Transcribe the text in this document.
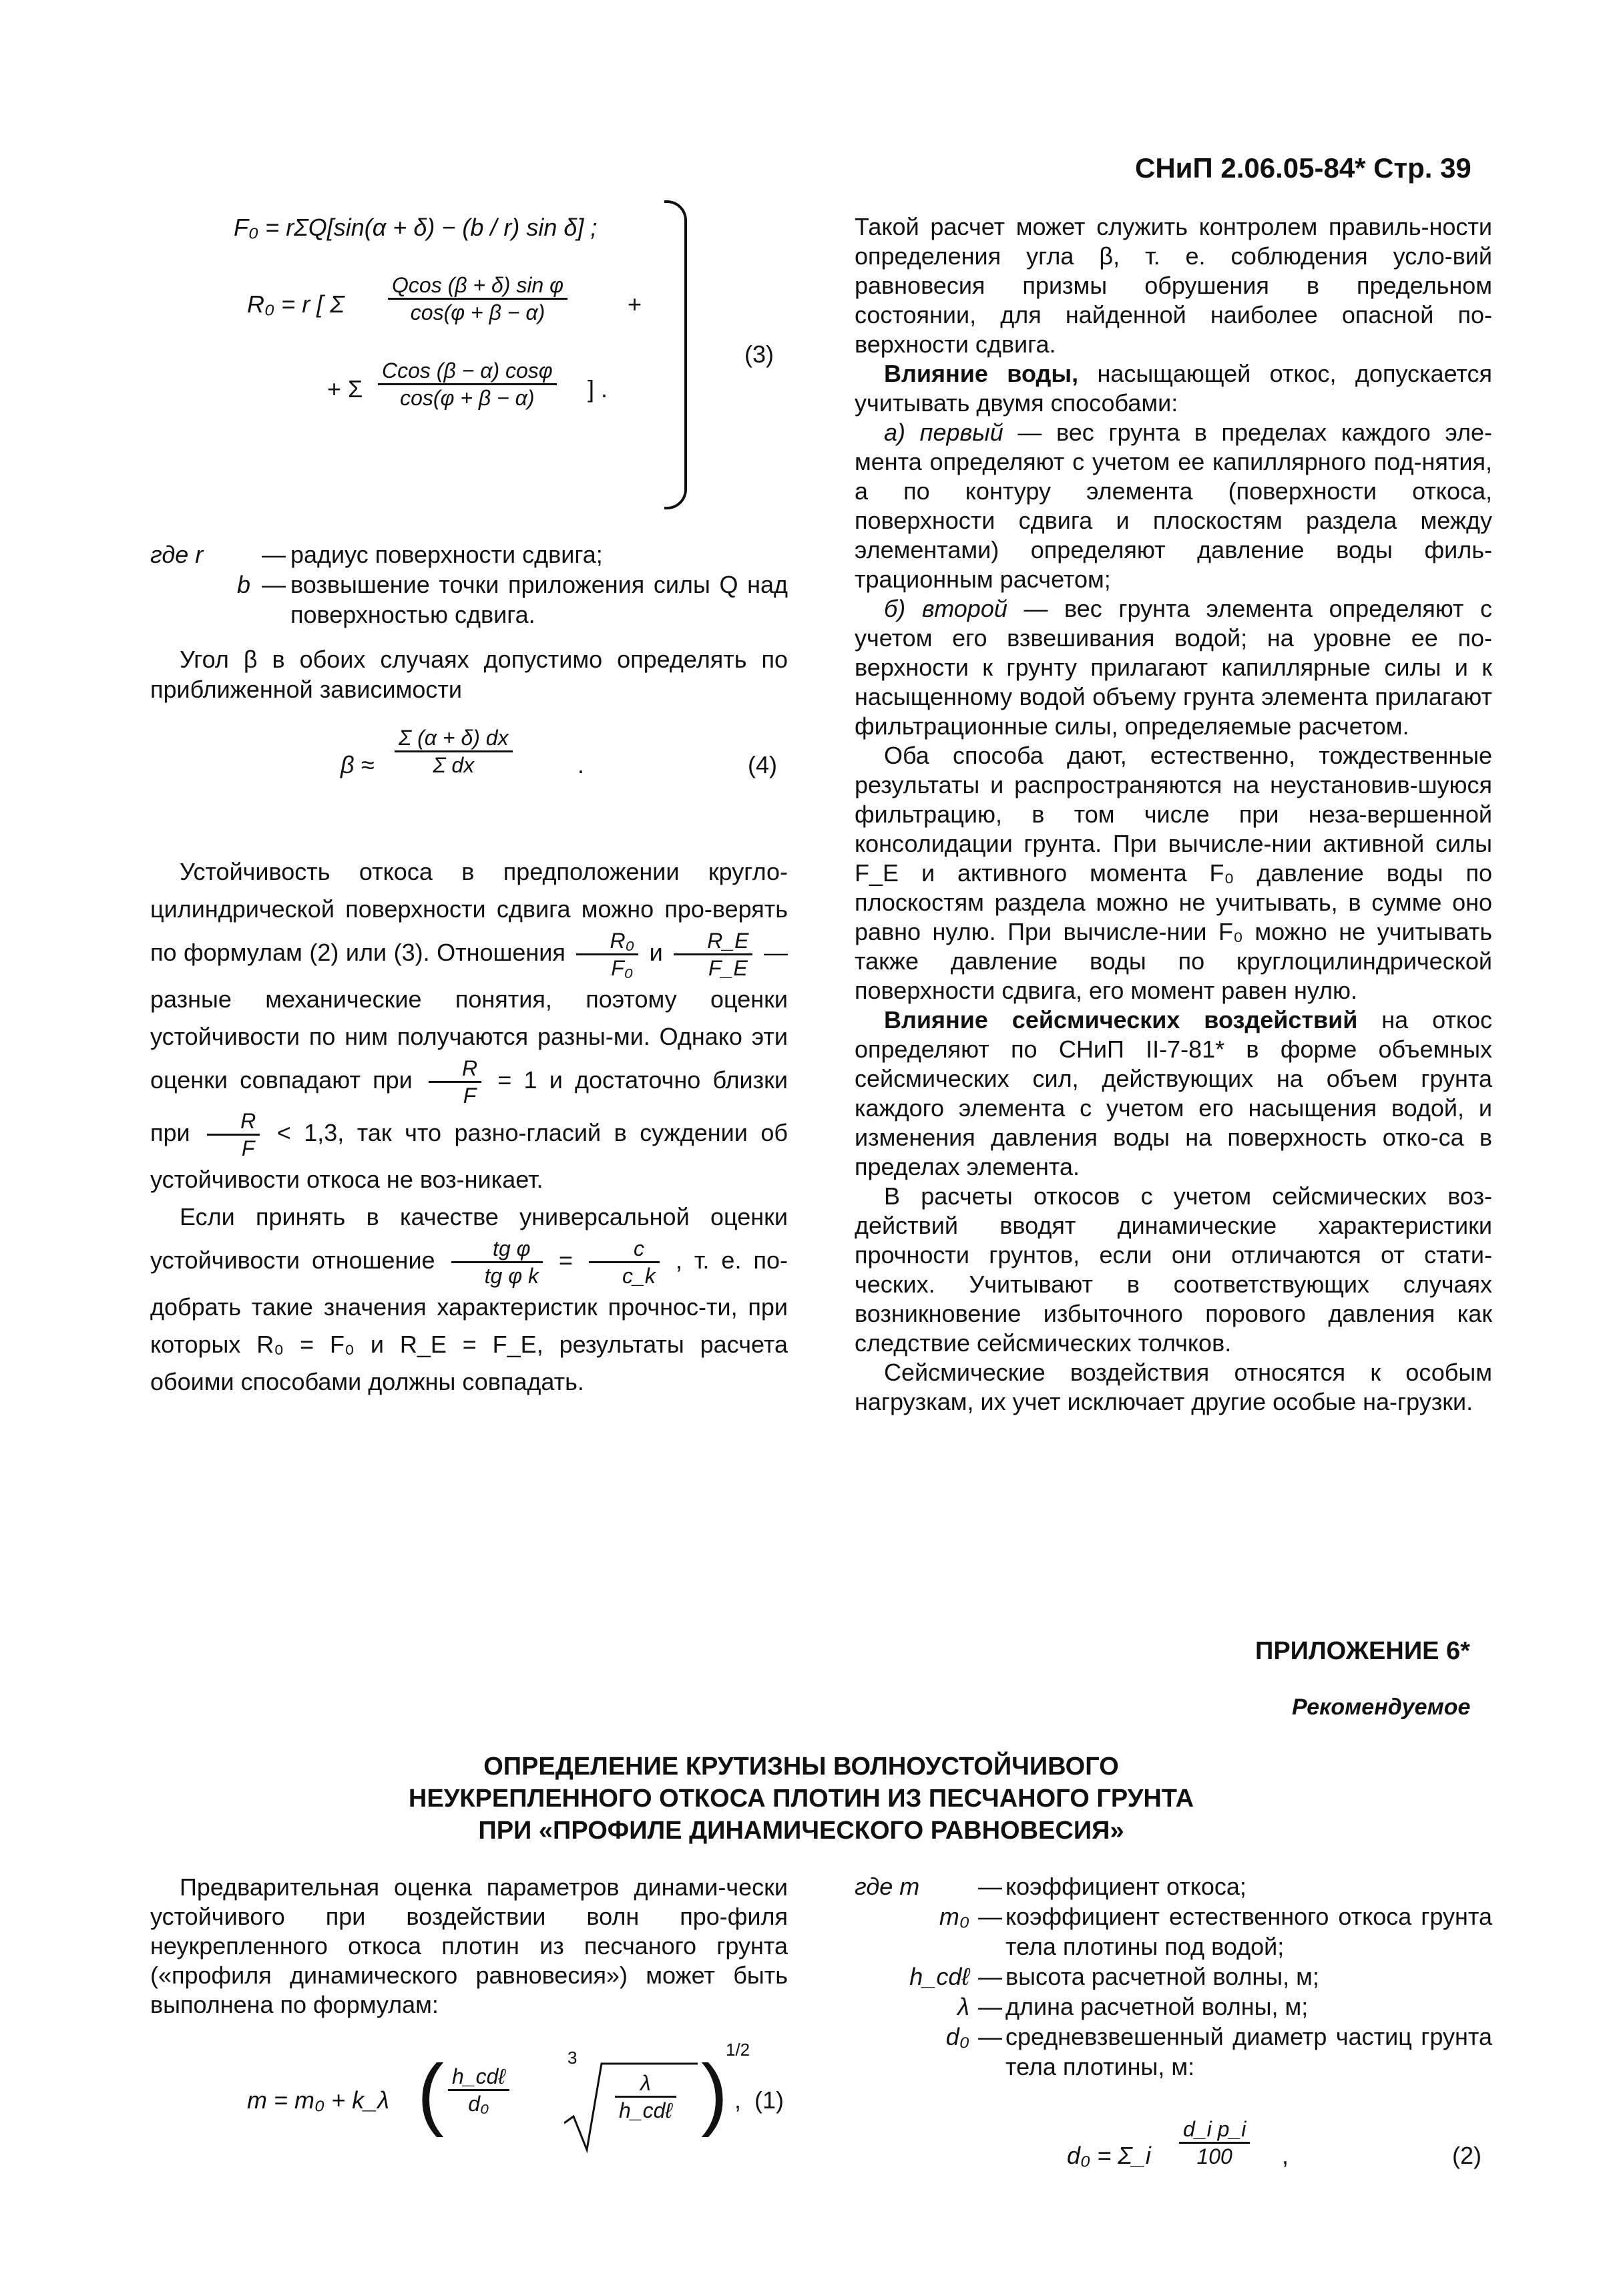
СНиП 2.06.05-84* Стр. 39
F₀ = rΣQ[sin(α + δ) − (b / r) sin δ] ;
R₀ = r [ Σ $\frac{\text{Qcos (β + δ) sin φ}}{\cos(\varphi + \beta - \alpha)}$	+
+ Σ $\frac{Ccos (\beta - \alpha) \cos\varphi}{\cos(\varphi + \beta - \alpha)}$ ] .
(3)
где r	—	радиус поверхности сдвига;
b	—	возвышение точки приложения силы Q над поверхностью сдвига.

Угол β в обоих случаях допустимо определять по приближенной зависимости

$\beta \approx \frac{\Sigma (\alpha + \delta) dx}{\text{Σ dx}}$	.	(4)

Устойчивость откоса в предположении кругло-цилиндрической поверхности сдвига можно про-верять по формулам (2) или (3). Отношения $\frac{\text{R₀}}{\text{F₀}}$ и $\frac{R\_E}{F\_E}$ — разные механические понятия, поэтому оценки устойчивости по ним получаются разны-ми. Однако эти оценки совпадают при $\frac{R}{F} = 1$ и достаточно близки при $\frac{R}{F} < 1,3$, так что разно-гласий в суждении об устойчивости откоса не воз-никает.

Если принять в качестве универсальной оценки устойчивости отношение $\frac{\text{tg φ}}{\text{tg φ k}} = \frac{c}{c\_k}$ , т. е. по-добрать такие значения характеристик прочнос-ти, при которых R₀ = F₀ и R_E = F_E, результаты расчета обоими способами должны совпадать.

Такой расчет может служить контролем правиль-ности определения угла β, т. е. соблюдения усло-вий равновесия призмы обрушения в предельном состоянии, для найденной наиболее опасной по-верхности сдвига.

Влияние воды, насыщающей откос, допускается учитывать двумя способами:

а) первый — вес грунта в пределах каждого эле-мента определяют с учетом ее капиллярного под-нятия, а по контуру элемента (поверхности откоса, поверхности сдвига и плоскостям раздела между элементами) определяют давление воды филь-трационным расчетом;

б) второй — вес грунта элемента определяют с учетом его взвешивания водой; на уровне ее по-верхности к грунту прилагают капиллярные силы и к насыщенному водой объему грунта элемента прилагают фильтрационные силы, определяемые расчетом.

Оба способа дают, естественно, тождественные результаты и распространяются на неустановив-шуюся фильтрацию, в том числе при неза-вершенной консолидации грунта. При вычисле-нии активной силы F_E и активного момента F₀ давление воды по плоскостям раздела можно не учитывать, в сумме оно равно нулю. При вычисле-нии F₀ можно не учитывать также давление воды по круглоцилиндрической поверхности сдвига, его момент равен нулю.

Влияние сейсмических воздействий на откос определяют по СНиП II-7-81* в форме объемных сейсмических сил, действующих на объем грунта каждого элемента с учетом его насыщения водой, и изменения давления воды на поверхность отко-са в пределах элемента.

В расчеты откосов с учетом сейсмических воз-действий вводят динамические характеристики прочности грунтов, если они отличаются от стати-ческих. Учитывают в соответствующих случаях возникновение избыточного порового давления как следствие сейсмических толчков.

Сейсмические воздействия относятся к особым нагрузкам, их учет исключает другие особые на-грузки.

ПРИЛОЖЕНИЕ 6*
Рекомендуемое
ОПРЕДЕЛЕНИЕ КРУТИЗНЫ ВОЛНОУСТОЙЧИВОГО
НЕУКРЕПЛЕННОГО ОТКОСА ПЛОТИН ИЗ ПЕСЧАНОГО ГРУНТА
ПРИ «ПРОФИЛЕ ДИНАМИЧЕСКОГО РАВНОВЕСИЯ»

Предварительная оценка параметров динами-чески устойчивого при воздействии волн про-филя неукрепленного откоса плотин из песчаного грунта («профиля динамического равновесия») может быть выполнена по формулам:

m = m₀ + k_λ ( $\frac{\text{h\_cdℓ}}{\text{d₀}}$
3
$\frac{\lambda}{\text{h\_cdℓ}}$ )
1/2
, (1)
где m	—	коэффициент откоса;
m₀	—	коэффициент естественного откоса грунта тела плотины под водой;
h_cdℓ	—	высота расчетной волны, м;
λ	—	длина расчетной волны, м;
d₀	—	средневзвешенный диаметр частиц грунта тела плотины, м:
d₀ = Σ_i $\frac{\text{d\_i p\_i}}{100}$ ,	(2)
